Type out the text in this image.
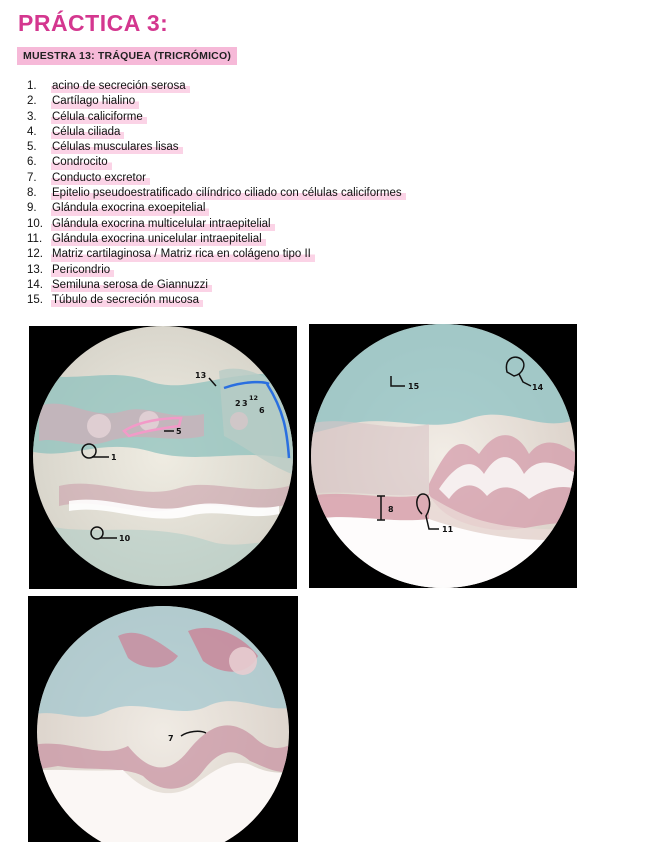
PRÁCTICA 3:
MUESTRA 13: TRÁQUEA (TRICRÓMICO)
1.	acino de secreción serosa
2.	Cartílago hialino
3.	Célula caliciforme
4.	Célula ciliada
5.	Células musculares lisas
6.	Condrocito
7.	Conducto excretor
8.	Epitelio pseudoestratificado cilíndrico ciliado con células caliciformes
9.	Glándula exocrina exoepitelial
10. Glándula exocrina multicelular intraepitelial
11. Glándula exocrina unicelular intraepitelial
12. Matriz cartilaginosa / Matriz rica en colágeno tipo II
13. Pericondrio
14. Semiluna serosa de Giannuzzi
15. Túbulo de secreción mucosa
1
5
10
13
2 3
12
6
15	14
8
11
7
